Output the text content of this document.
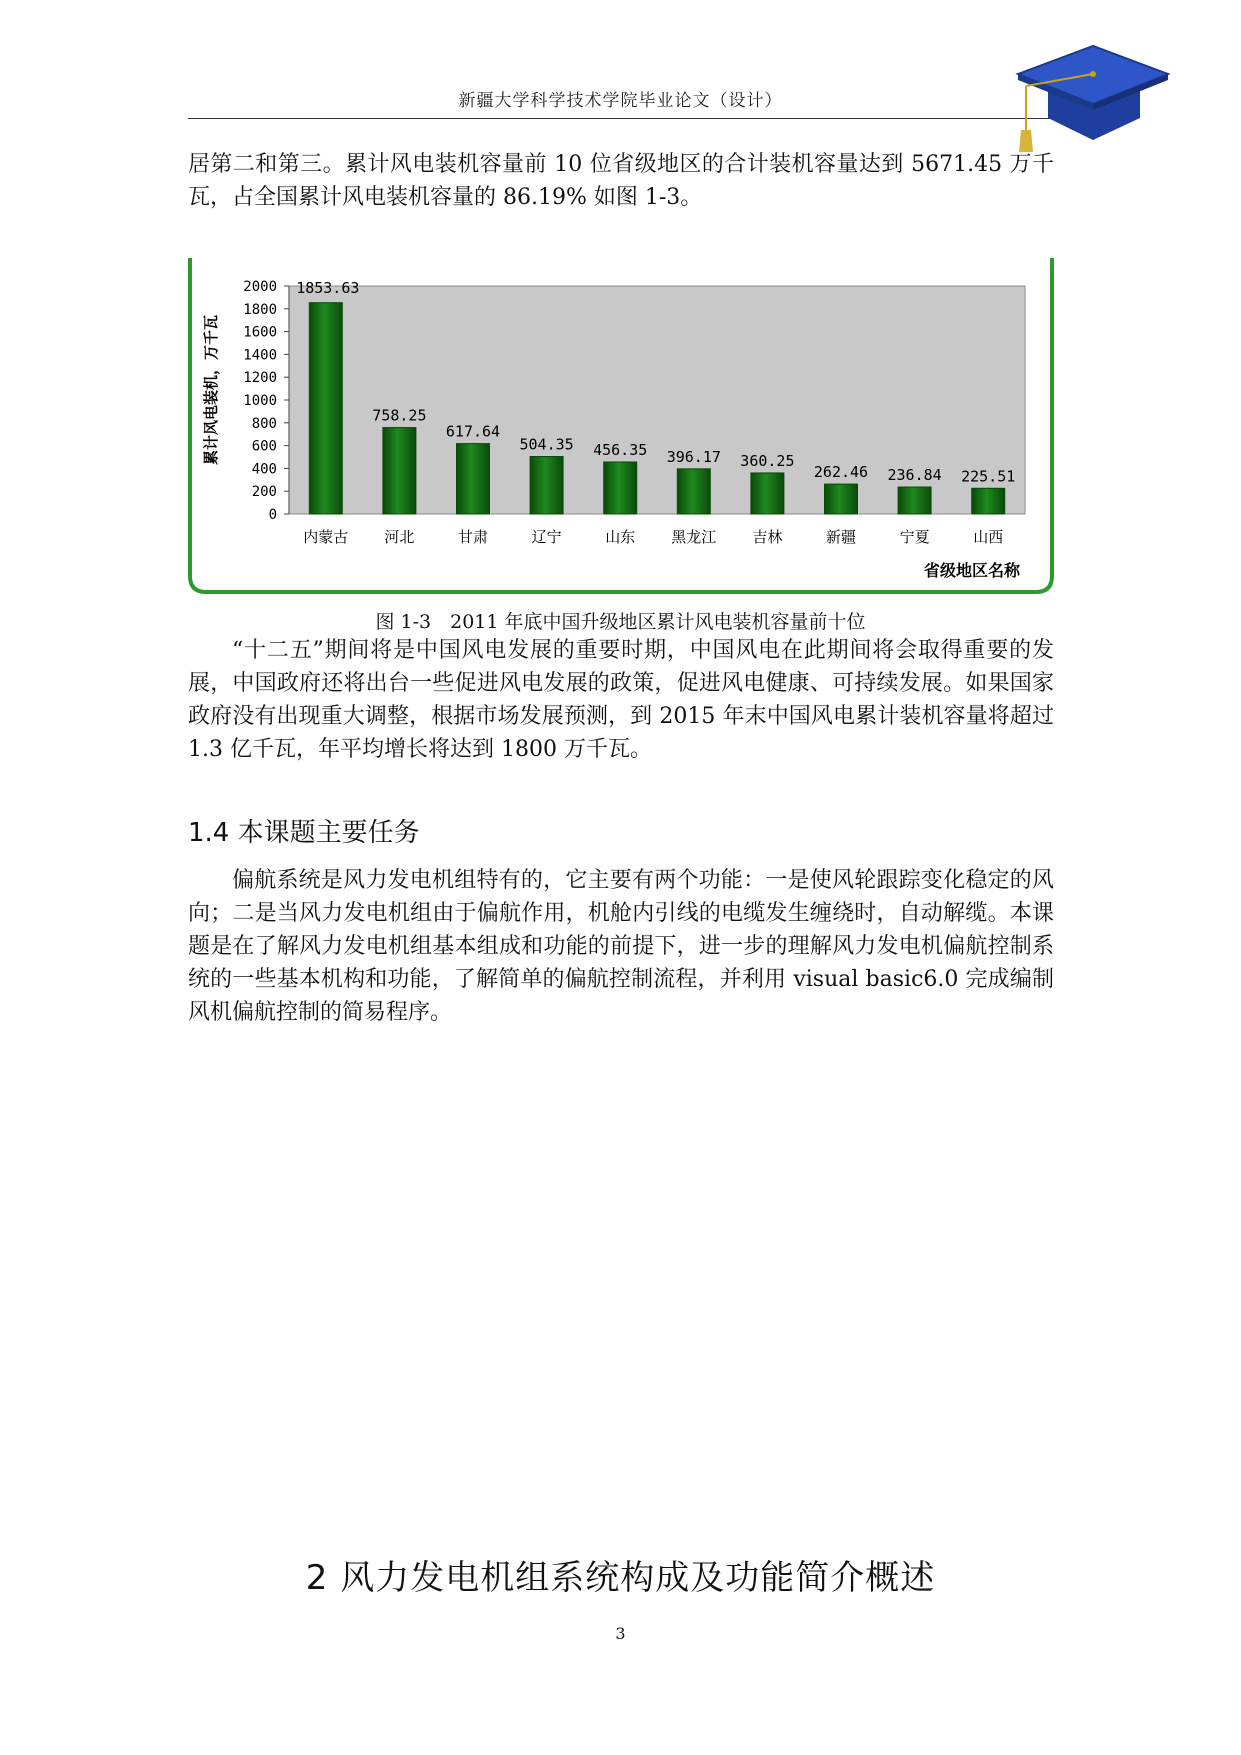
新疆大学科学技术学院毕业论文（设计）

居第二和第三。累计风电装机容量前 10 位省级地区的合计装机容量达到 5671.45 万千瓦，占全国累计风电装机容量的 86.19% 如图 1-3。

0
200
400
600
800
1000
1200
1400
1600
1800
2000 1853.63
758.25
617.64
504.35 456.35 396.17 360.25
262.46 236.84 225.51
内蒙古 河北	甘肃	辽宁	山东 黑龙江 吉林	新疆	宁夏	山西
累计风电装机，万千瓦
省级地区名称
图 1-3　2011 年底中国升级地区累计风电装机容量前十位

“十二五”期间将是中国风电发展的重要时期，中国风电在此期间将会取得重要的发展，中国政府还将出台一些促进风电发展的政策，促进风电健康、可持续发展。如果国家政府没有出现重大调整，根据市场发展预测，到 2015 年末中国风电累计装机容量将超过 1.3 亿千瓦，年平均增长将达到 1800 万千瓦。

1.4 本课题主要任务

偏航系统是风力发电机组特有的，它主要有两个功能：一是使风轮跟踪变化稳定的风向；二是当风力发电机组由于偏航作用，机舱内引线的电缆发生缠绕时，自动解缆。本课题是在了解风力发电机组基本组成和功能的前提下，进一步的理解风力发电机偏航控制系统的一些基本机构和功能，了解简单的偏航控制流程，并利用 visual basic6.0 完成编制风机偏航控制的简易程序。

2 风力发电机组系统构成及功能简介概述
3
